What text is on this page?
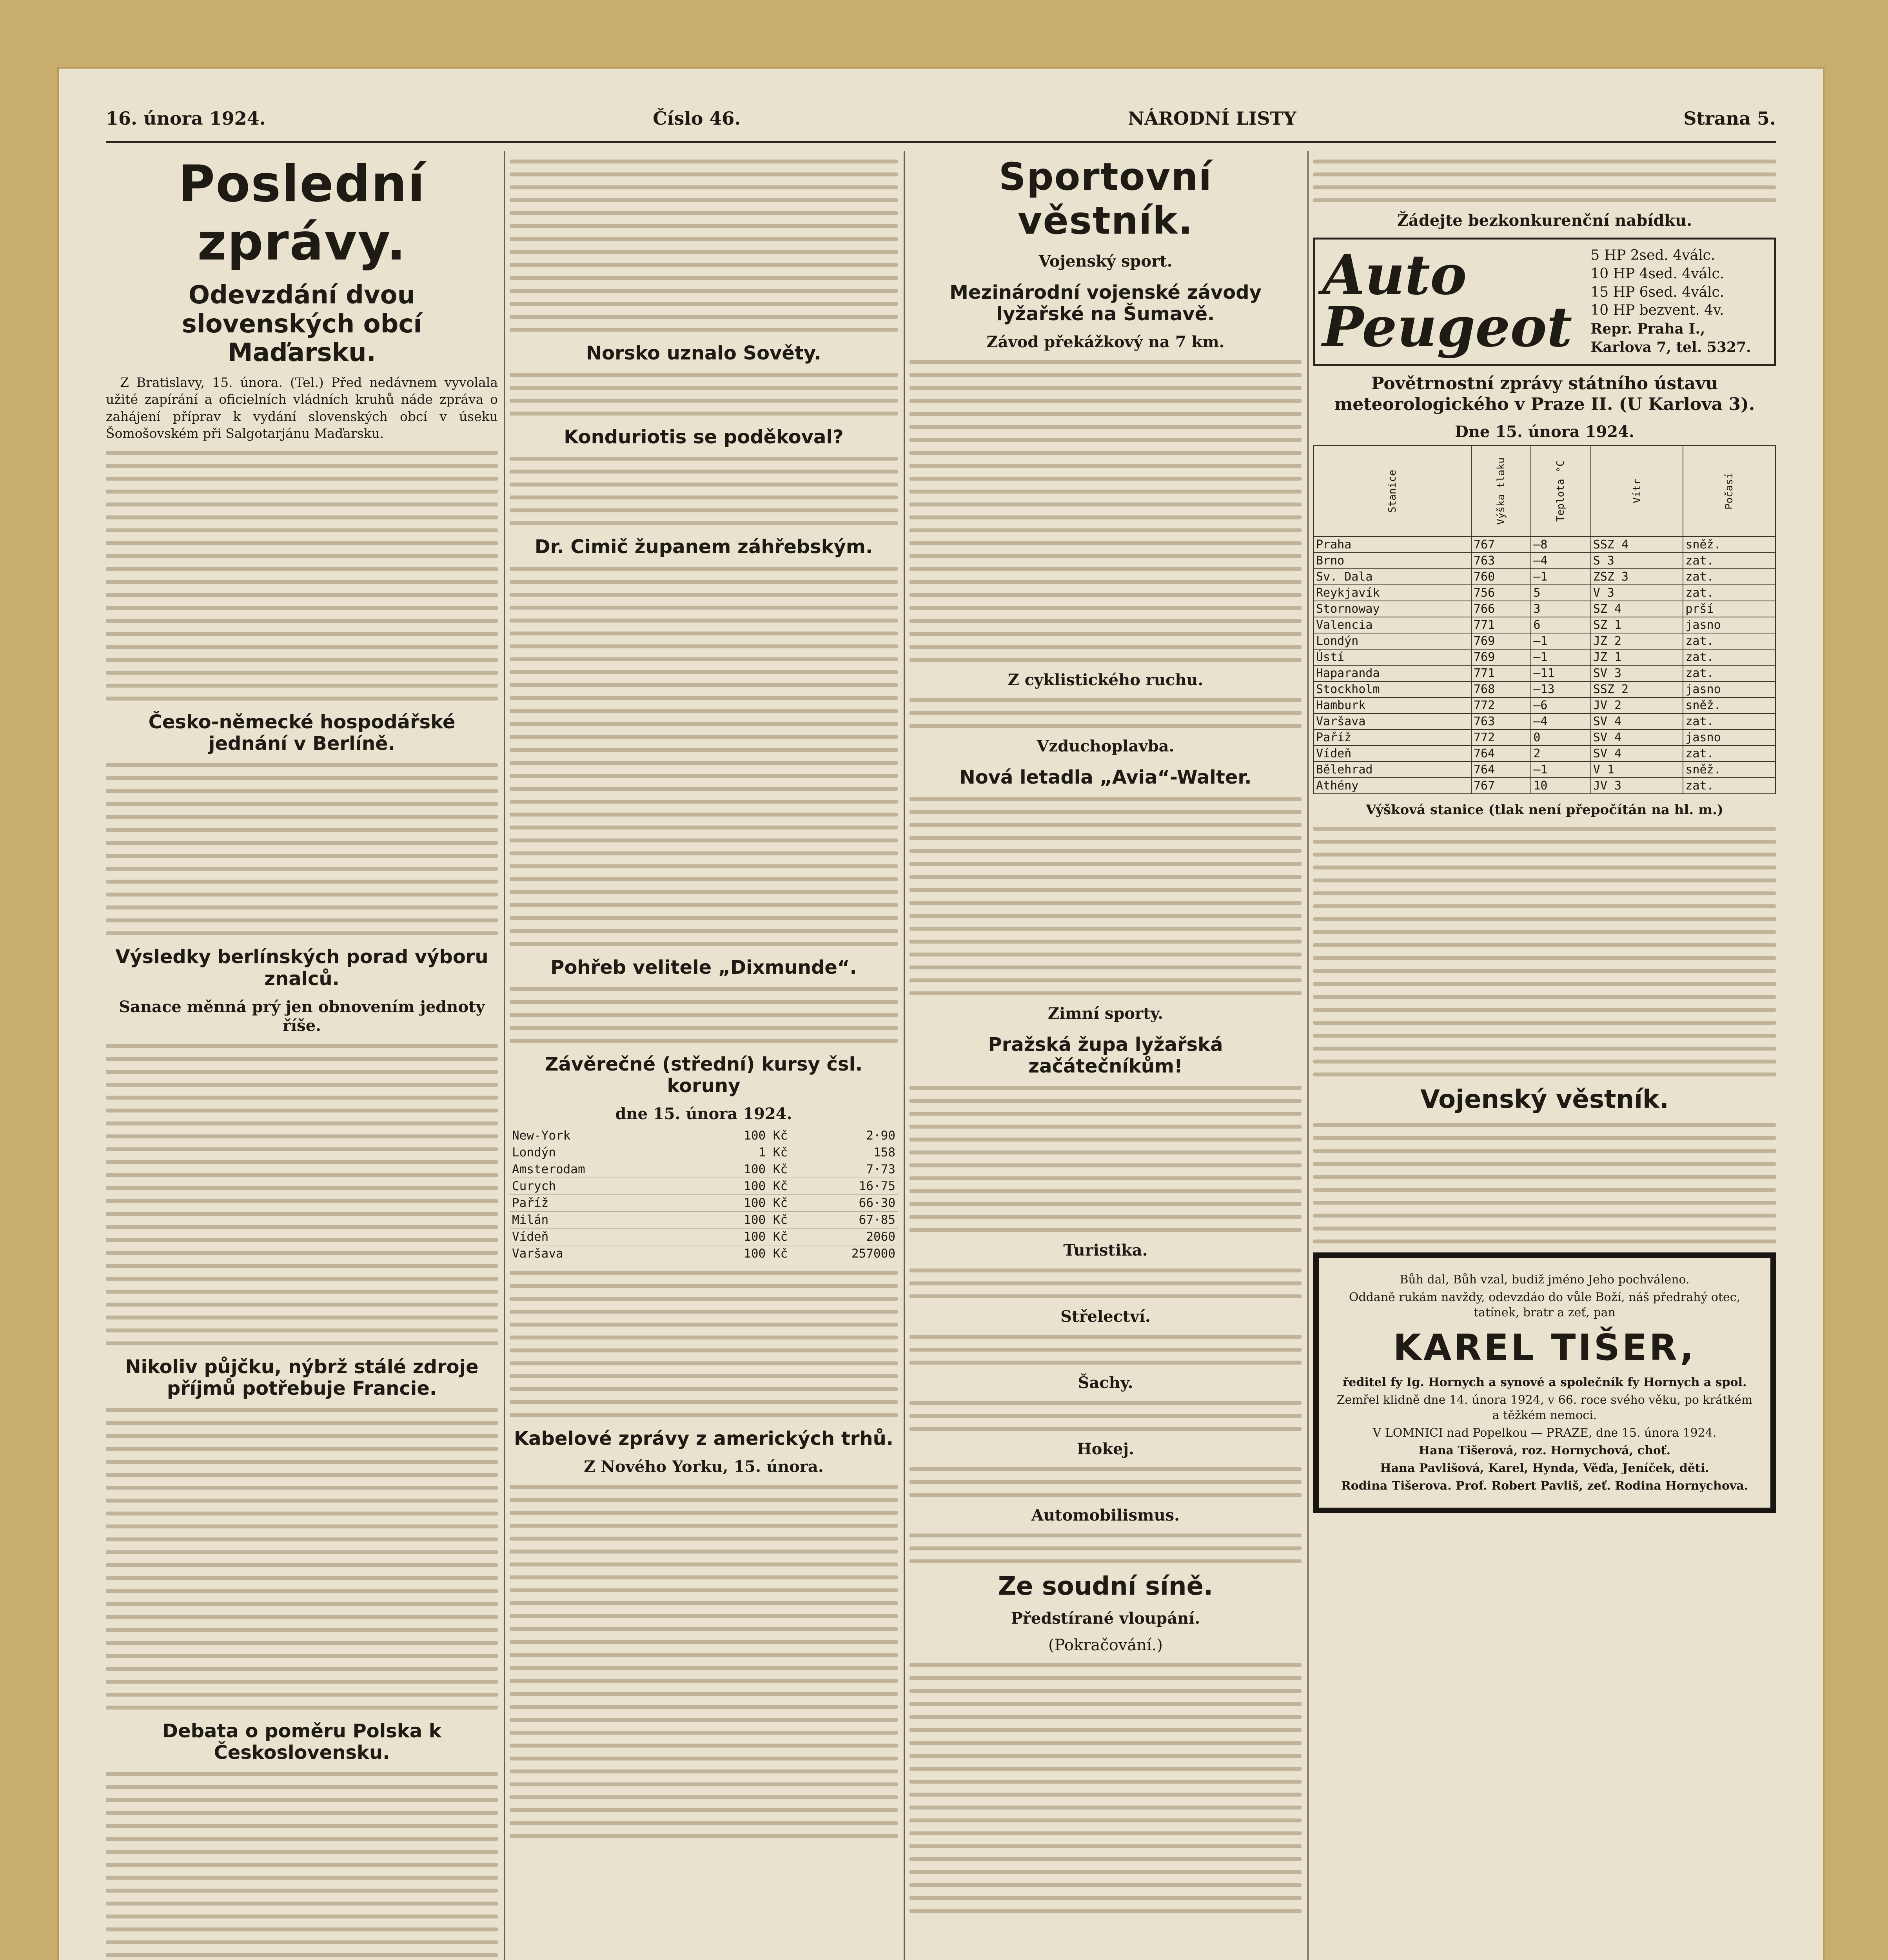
16. února 1924.	Číslo 46.	NÁRODNÍ LISTY	Strana 5.
Poslední zprávy.
Odevzdání dvou slovenských obcí Maďarsku.

Z Bratislavy, 15. února. (Tel.) Před nedávnem vyvolala užité zapírání a oficielních vládních kruhů náde zpráva o zahájení příprav k vydání slovenských obcí v úseku Šomošovském při Salgotarjánu Maďarsku.

Česko-německé hospodářské jednání v Berlíně.
Výsledky berlínských porad výboru znalců.
Sanace měnná prý jen obnovením jednoty říše.
Nikoliv půjčku, nýbrž stálé zdroje příjmů potřebuje Francie.
Debata o poměru Polska k Československu.
Norsko uznalo Sověty.
Konduriotis se poděkoval?
Dr. Cimič županem záhřebským.
Pohřeb velitele „Dixmunde“.
Závěrečné (střední) kursy čsl. koruny
dne 15. února 1924.
New-York	100 Kč	2·90
Londýn	1 Kč	158
Amsterodam	100 Kč	7·73
Curych	100 Kč	16·75
Paříž	100 Kč	66·30
Milán	100 Kč	67·85
Vídeň	100 Kč	2060
Varšava	100 Kč	257000
Kabelové zprávy z amerických trhů.
Z Nového Yorku, 15. února.
Sportovní věstník.
Vojenský sport.
Mezinárodní vojenské závody lyžařské na Šumavě.
Závod překážkový na 7 km.
Z cyklistického ruchu.
Vzduchoplavba.
Nová letadla „Avia“-Walter.
Zimní sporty.
Pražská župa lyžařská začátečníkům!
Turistika.
Střelectví.
Šachy.
Hokej.
Automobilismus.
Ze soudní síně.
Předstírané vloupání.
(Pokračování.)
Žádejte bezkonkurenční nabídku.
Auto Peugeot
5 HP 2sed. 4válc.
10 HP 4sed. 4válc.
15 HP 6sed. 4válc.
10 HP bezvent. 4v.
Repr. Praha I., Karlova 7, tel. 5327.
Povětrnostní zprávy státního ústavu meteorologického v Praze II. (U Karlova 3).
Dne 15. února 1924.
Stanice	Výška tlaku	Teplota °C	Vítr	Počasí
Praha	767	—8	SSZ 4	sněž.
Brno	763	—4	S 3	zat.
Sv. Dala	760	—1	ZSZ 3	zat.
Reykjavík	756	5	V 3	zat.
Stornoway	766	3	SZ 4	prší
Valencia	771	6	SZ 1	jasno
Londýn	769	—1	JZ 2	zat.
Ústí	769	—1	JZ 1	zat.
Haparanda	771	—11	SV 3	zat.
Stockholm	768	—13	SSZ 2	jasno
Hamburk	772	—6	JV 2	sněž.
Varšava	763	—4	SV 4	zat.
Paříž	772	0	SV 4	jasno
Vídeň	764	2	SV 4	zat.
Bělehrad	764	—1	V 1	sněž.
Athény	767	10	JV 3	zat.
Výšková stanice (tlak není přepočítán na hl. m.)
Vojenský věstník.

Bůh dal, Bůh vzal, budiž jméno Jeho pochváleno.

Oddaně rukám navždy, odevzdáo do vůle Boží, náš předrahý otec, tatínek, bratr a zeť, pan

KAREL TIŠER,

ředitel fy Ig. Hornych a synové a společník fy Hornych a spol.

Zemřel klidně dne 14. února 1924, v 66. roce svého věku, po krátkém a těžkém nemoci.

V LOMNICI nad Popelkou — PRAZE, dne 15. února 1924.

Hana Tišerová, roz. Hornychová, choť.

Hana Pavlišová, Karel, Hynda, Věďa, Jeníček, děti.

Rodina Tišerova. Prof. Robert Pavliš, zeť. Rodina Hornychova.
